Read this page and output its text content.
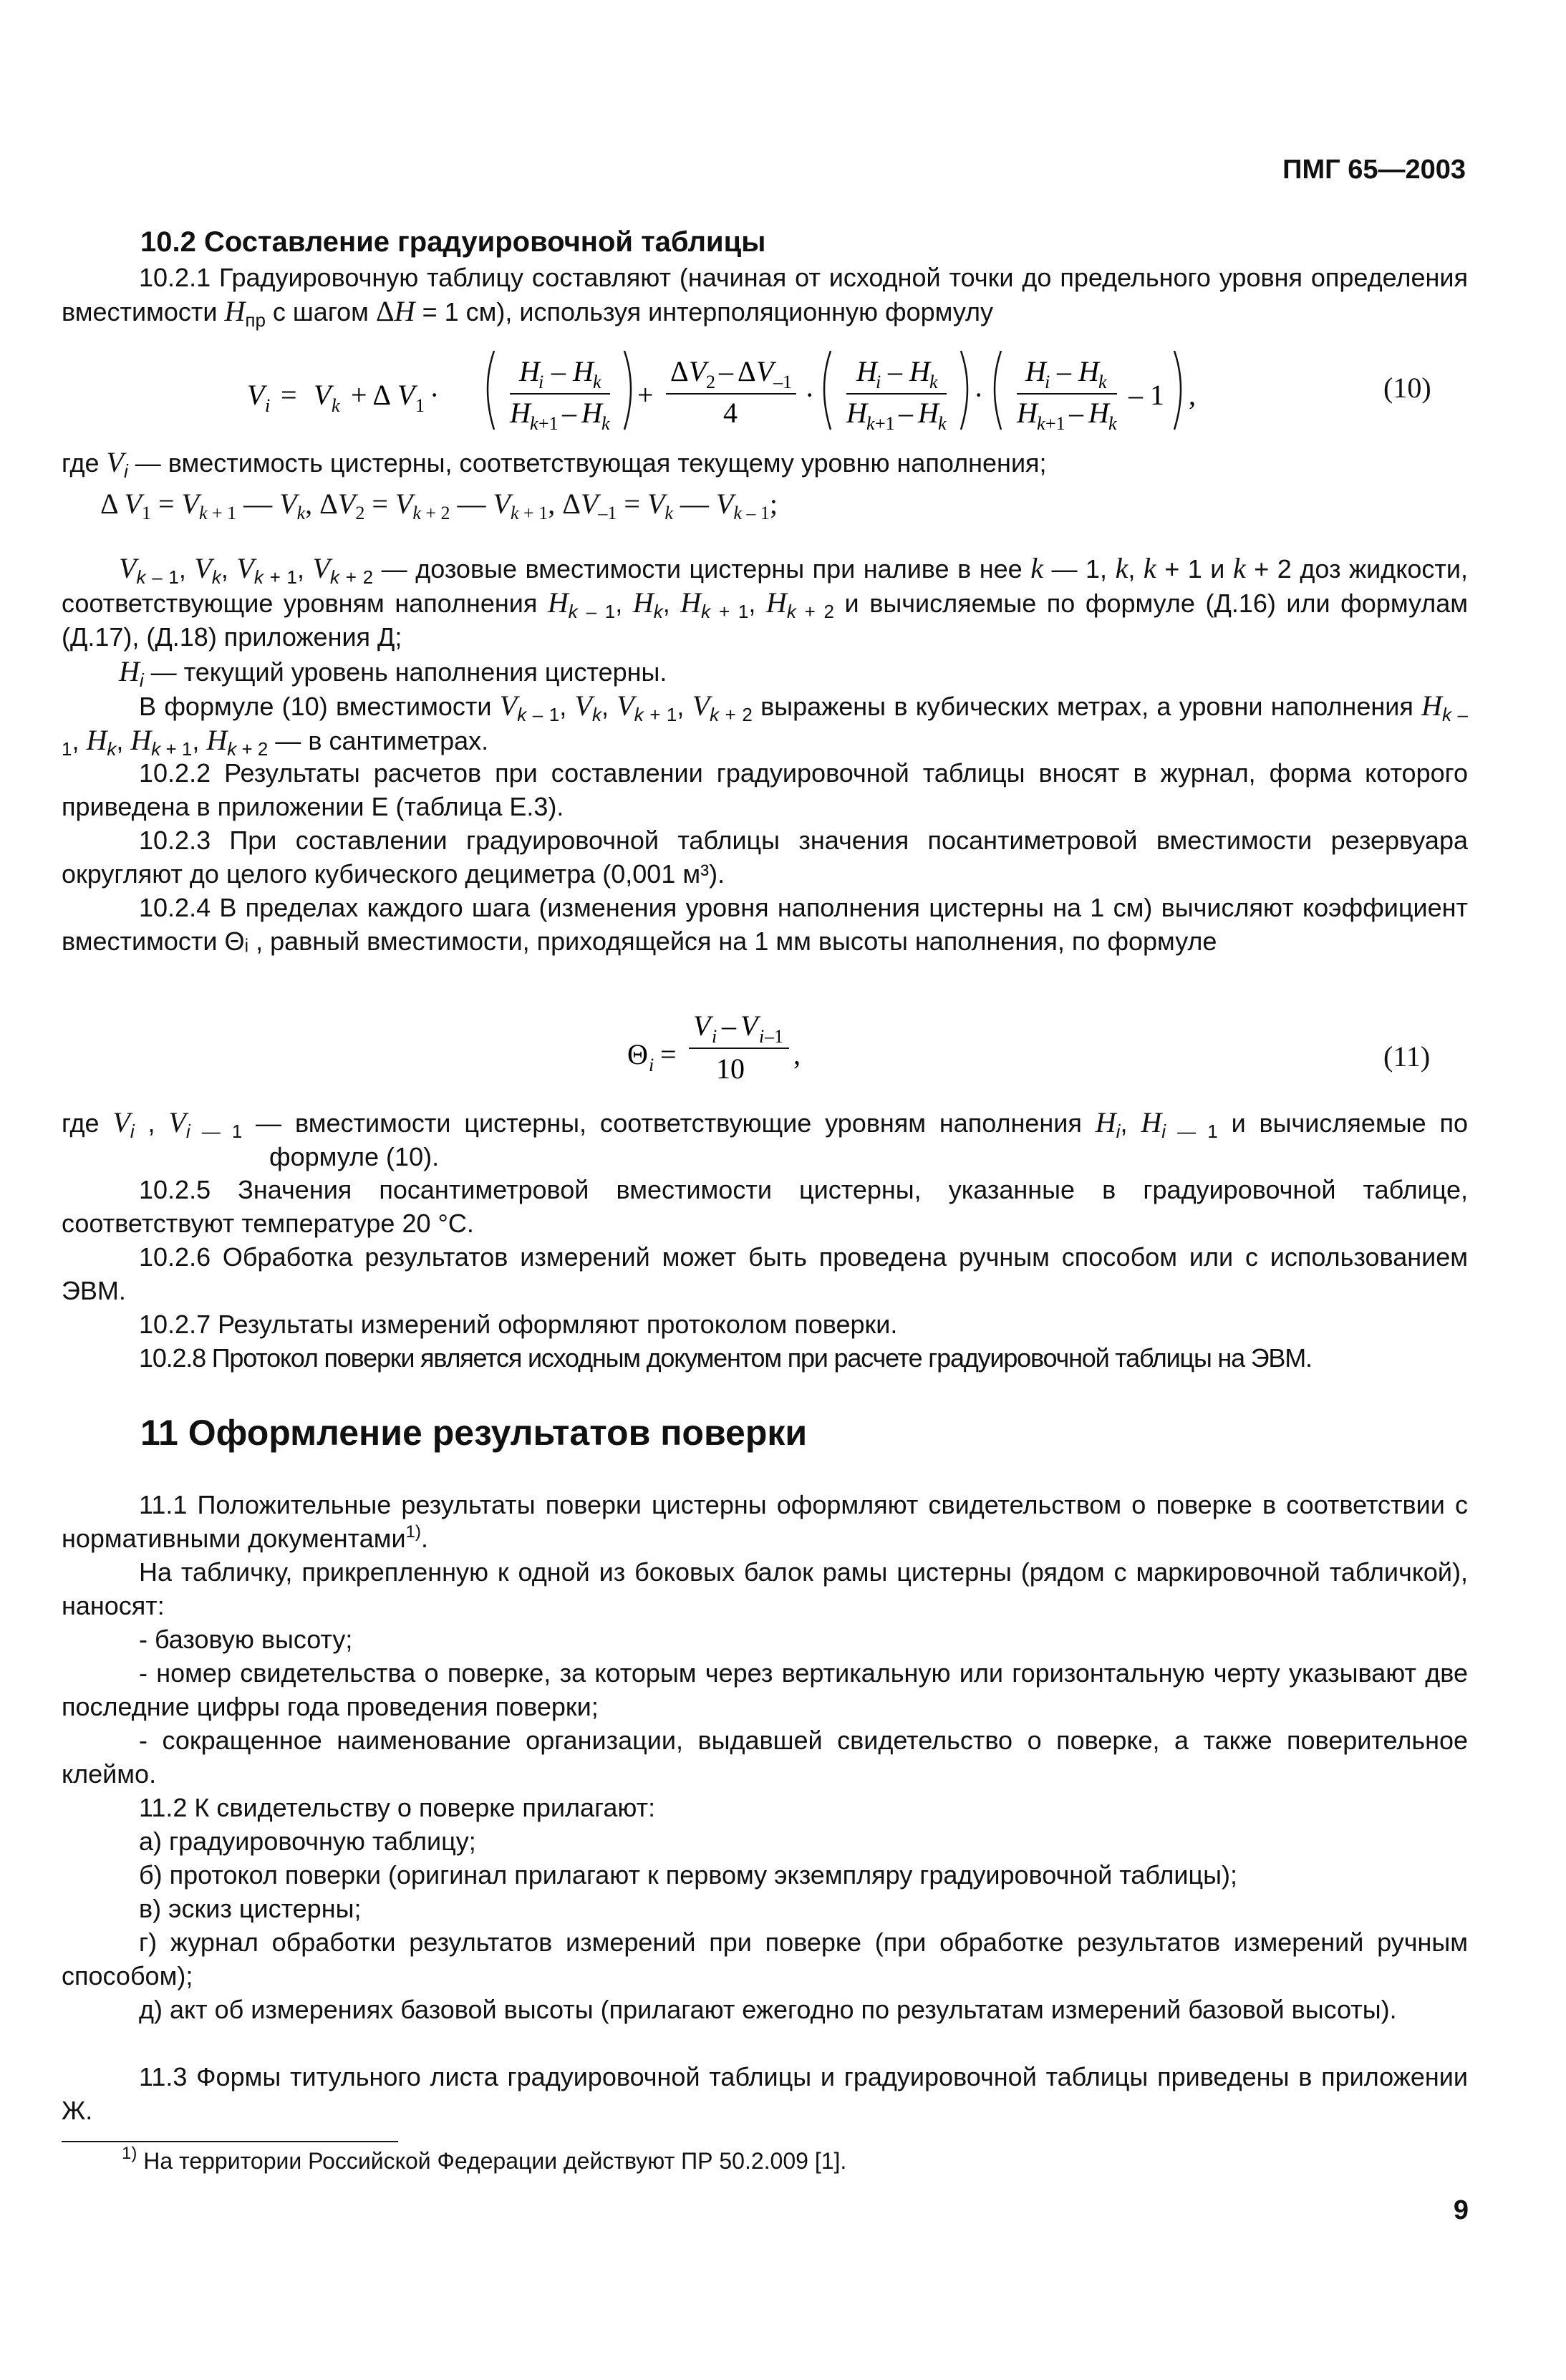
ПМГ 65—2003
10.2 Составление градуировочной таблицы

10.2.1 Градуировочную таблицу составляют (начиная от исходной точки до предельного уровня определения вместимости $H_{пр}$ с шагом ΔH = 1 см), используя интерполяционную формулу

V i = V k + Δ V 1 ·
H
i – H k
H k +1 – H k
+
Δ V 2 – Δ V –1
4
·
H
i – H k
H k +1 – H k
·
H
i – H k
H k +1 – H k
– 1 ,	(10)

где $V_i$ — вместимость цистерны, соответствующая текущему уровню наполнения;

Δ $V_1 = V_{k + 1}$ — $V_k$, $\Delta V_2 = V_{k + 2}$ — $V_{k + 1}$, $\Delta V_{-1} = V_k$ — $V_{k - 1}$;

$V_{k - 1}$, $V_k$, $V_{k + 1}$, $V_{k + 2}$ — дозовые вместимости цистерны при наливе в нее k — 1, k, k + 1 и k + 2 доз жидкости, соответствующие уровням наполнения $H_{k - 1}$, $H_k$, $H_{k + 1}$, $H_{k + 2}$ и вычисляемые по формуле (Д.16) или формулам (Д.17), (Д.18) приложения Д;

$H_i$ — текущий уровень наполнения цистерны.

В формуле (10) вместимости $V_{k - 1}$, $V_k$, $V_{k + 1}$, $V_{k + 2}$ выражены в кубических метрах, а уровни наполнения $H_{k - 1}$, $H_k$, $H_{k + 1}$, $H_{k + 2}$ — в сантиметрах.

10.2.2 Результаты расчетов при составлении градуировочной таблицы вносят в журнал, форма которого приведена в приложении Е (таблица Е.3).

10.2.3 При составлении градуировочной таблицы значения посантиметровой вместимости резервуара округляют до целого кубического дециметра (0,001 м³).

10.2.4 В пределах каждого шага (изменения уровня наполнения цистерны на 1 см) вычисляют коэффициент вместимости Θᵢ , равный вместимости, приходящейся на 1 мм высоты наполнения, по формуле

Θ i =
V i – V i –1
10 ,	(11)

где $V_i$ , $V_{i — 1}$ — вместимости цистерны, соответствующие уровням наполнения $H_i$, $H_{i — 1}$ и вычисляемые по формуле (10).

10.2.5 Значения посантиметровой вместимости цистерны, указанные в градуировочной таблице, соответствуют температуре 20 °С.

10.2.6 Обработка результатов измерений может быть проведена ручным способом или с использованием ЭВМ.

10.2.7 Результаты измерений оформляют протоколом поверки.

10.2.8 Протокол поверки является исходным документом при расчете градуировочной таблицы на ЭВМ.

11 Оформление результатов поверки

11.1 Положительные результаты поверки цистерны оформляют свидетельством о поверке в соответствии с нормативными документами$^{1)}$.

На табличку, прикрепленную к одной из боковых балок рамы цистерны (рядом с маркировочной табличкой), наносят:

- базовую высоту;

- номер свидетельства о поверке, за которым через вертикальную или горизонтальную черту указывают две последние цифры года проведения поверки;

- сокращенное наименование организации, выдавшей свидетельство о поверке, а также поверительное клеймо.

11.2 К свидетельству о поверке прилагают:

а) градуировочную таблицу;

б) протокол поверки (оригинал прилагают к первому экземпляру градуировочной таблицы);

в) эскиз цистерны;

г) журнал обработки результатов измерений при поверке (при обработке результатов измерений ручным способом);

д) акт об измерениях базовой высоты (прилагают ежегодно по результатам измерений базовой высоты).

11.3 Формы титульного листа градуировочной таблицы и градуировочной таблицы приведены в приложении Ж.

$^{1)}$ На территории Российской Федерации действуют ПР 50.2.009 [1].
9
